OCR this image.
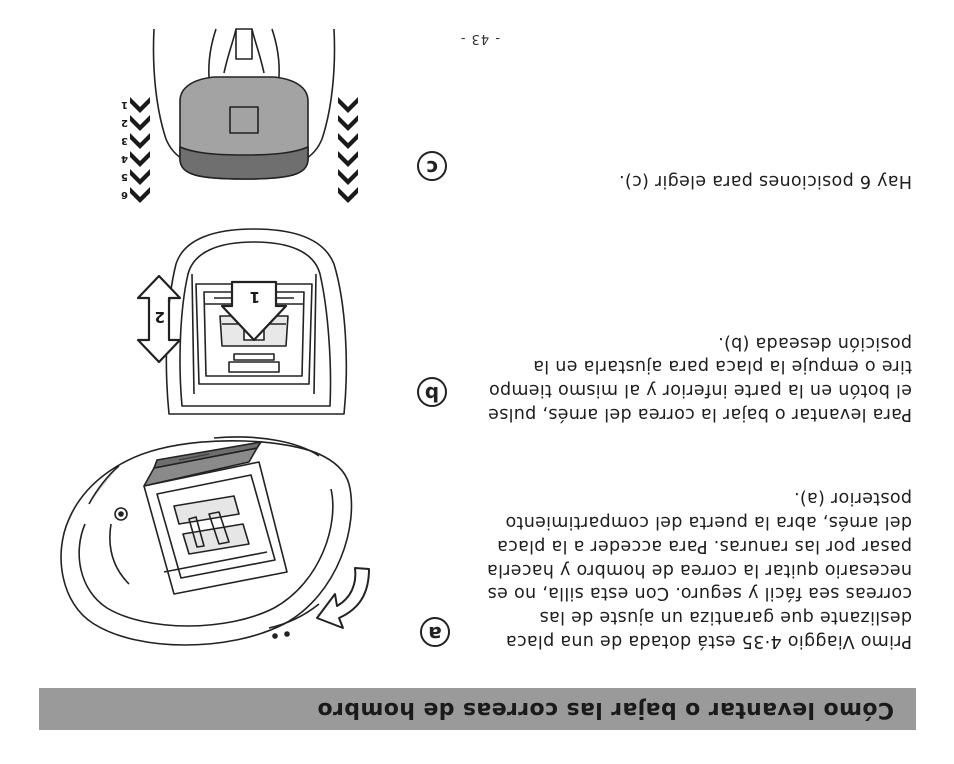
Cómo levantar o bajar las correas de hombro

Primo Viaggio 4·35 está dotada de una placa deslizante que garantiza un ajuste de las correas sea fácil y seguro. Con esta silla, no es necesario quitar la correa de hombro y hacerla pasar por las ranuras. Para acceder a la placa del arnés, abra la puerta del compartimiento posterior (a).

a

Para levantar o bajar la correa del arnés, pulse el botón en la parte inferior y al mismo tiempo tire o empuje la placa para ajustarla en la posición deseada (b).

b
1
2

Hay 6 posiciones para elegir (c).

c
6
5
4
3
2
1
- 43 -
